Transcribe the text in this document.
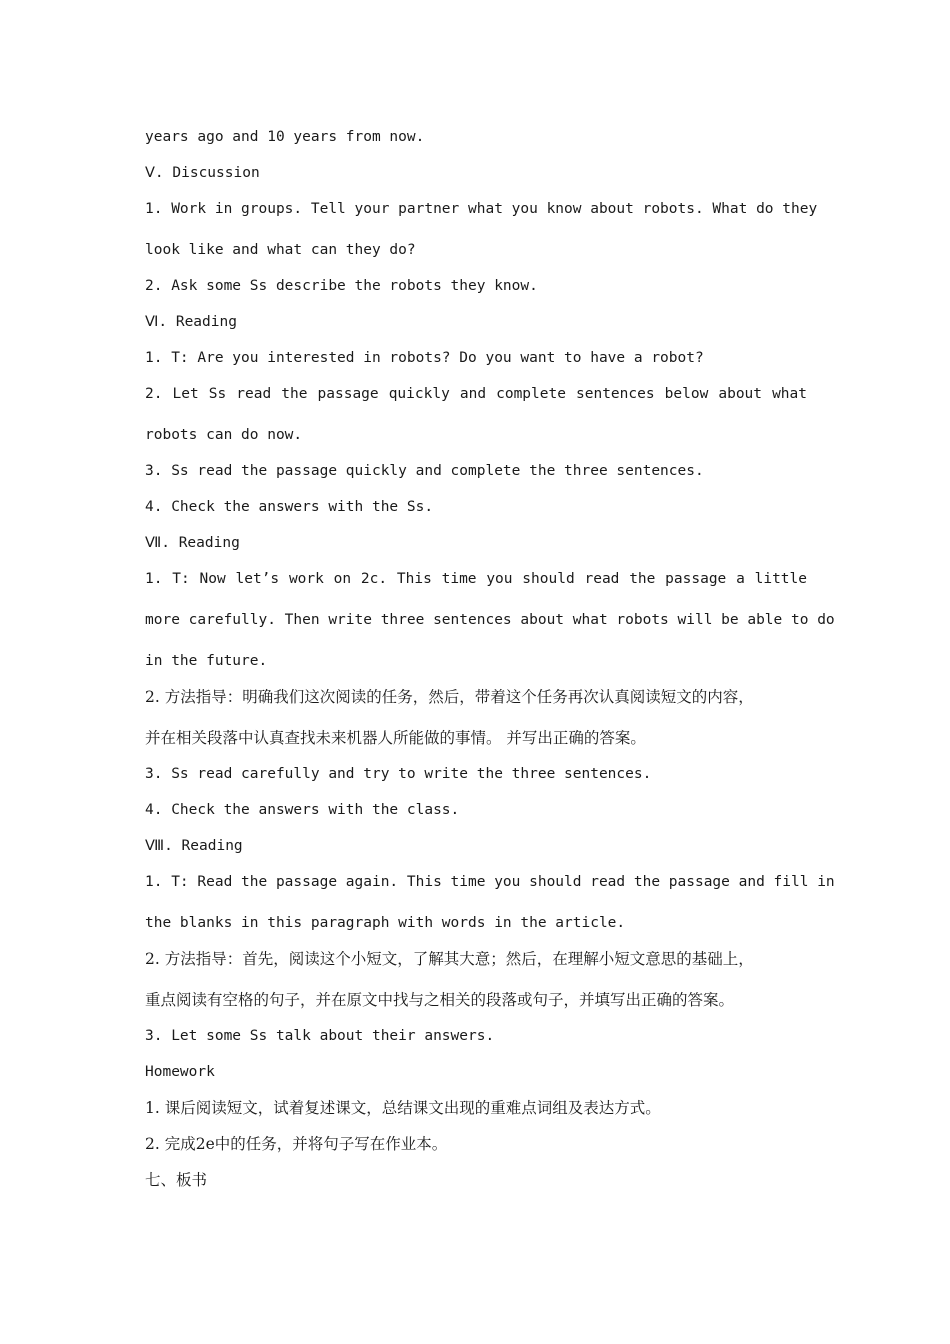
years ago and 10 years from now.
Ⅴ. Discussion
1. Work in groups. Tell your partner what you know about robots. What do they
look like and what can they do?
2. Ask some Ss describe the robots they know.
Ⅵ. Reading
1. T: Are you interested in robots? Do you want to have a robot?
2. Let Ss read the passage quickly and complete sentences below about what
robots can do now.
3. Ss read the passage quickly and complete the three sentences.
4. Check the answers with the Ss.
Ⅶ. Reading
1. T: Now let’s work on 2c. This time you should read the passage a little
more carefully. Then write three sentences about what robots will be able to do
in the future.
2. 方法指导：明确我们这次阅读的任务，然后，带着这个任务再次认真阅读短文的内容，
并在相关段落中认真查找未来机器人所能做的事情。 并写出正确的答案。
3. Ss read carefully and try to write the three sentences.
4. Check the answers with the class.
Ⅷ. Reading
1. T: Read the passage again. This time you should read the passage and fill in
the blanks in this paragraph with words in the article.
2. 方法指导：首先，阅读这个小短文，了解其大意；然后，在理解小短文意思的基础上，
重点阅读有空格的句子，并在原文中找与之相关的段落或句子，并填写出正确的答案。
3. Let some Ss talk about their answers.
Homework
1. 课后阅读短文，试着复述课文，总结课文出现的重难点词组及表达方式。
2. 完成2e中的任务，并将句子写在作业本。
七、板书
